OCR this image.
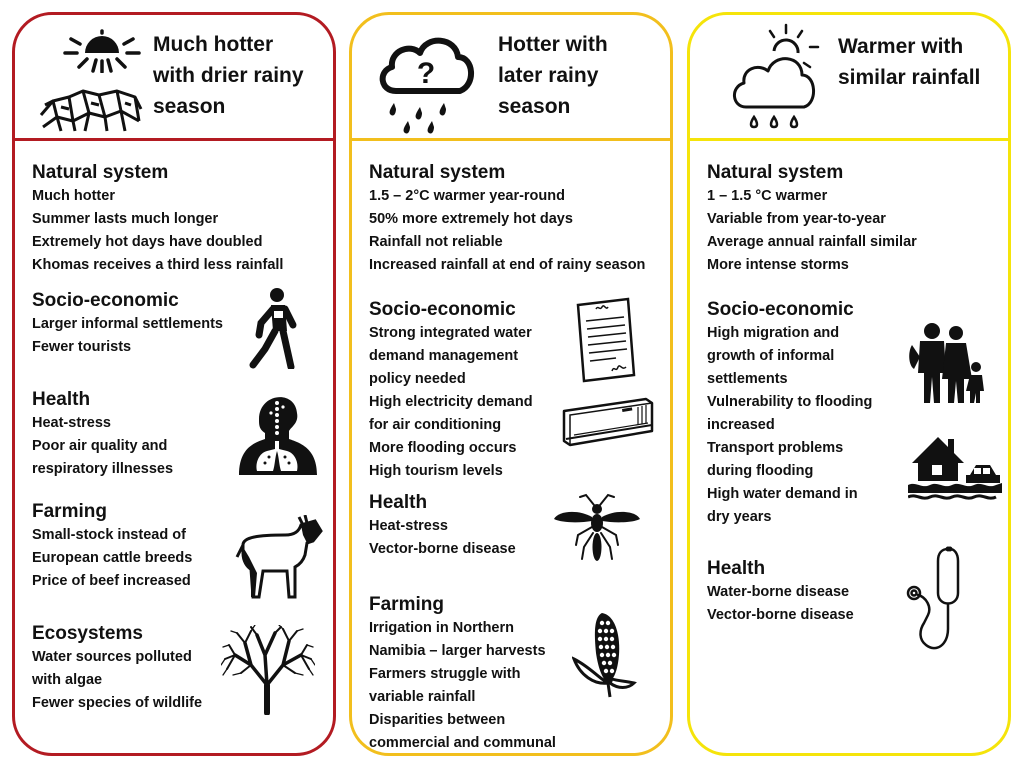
Much hotter
with drier rainy
season
Natural system
Much hotter
Summer lasts much longer
Extremely hot days have doubled
Khomas receives a third less rainfall
Socio-economic
Larger informal settlements
Fewer tourists
Health
Heat-stress
Poor air quality and
respiratory illnesses
Farming
Small-stock instead of
European cattle breeds
Price of beef increased
Ecosystems
Water sources polluted
with algae
Fewer species of wildlife
?
Hotter with
later rainy
season
Natural system
1.5 – 2°C warmer year-round
50% more extremely hot days
Rainfall not reliable
Increased rainfall at end of rainy season
Socio-economic
Strong integrated water
demand management
policy needed
High electricity demand
for air conditioning
More flooding occurs
High tourism levels
Health
Heat-stress
Vector-borne disease
Farming
Irrigation in Northern
Namibia – larger harvests
Farmers struggle with
variable rainfall
Disparities between
commercial and communal
Warmer with
similar rainfall
Natural system
1 – 1.5 °C warmer
Variable from year-to-year
Average annual rainfall similar
More intense storms
Socio-economic
High migration and
growth of informal
settlements
Vulnerability to flooding
increased
Transport problems
during flooding
High water demand in
dry years
Health
Water-borne disease
Vector-borne disease
